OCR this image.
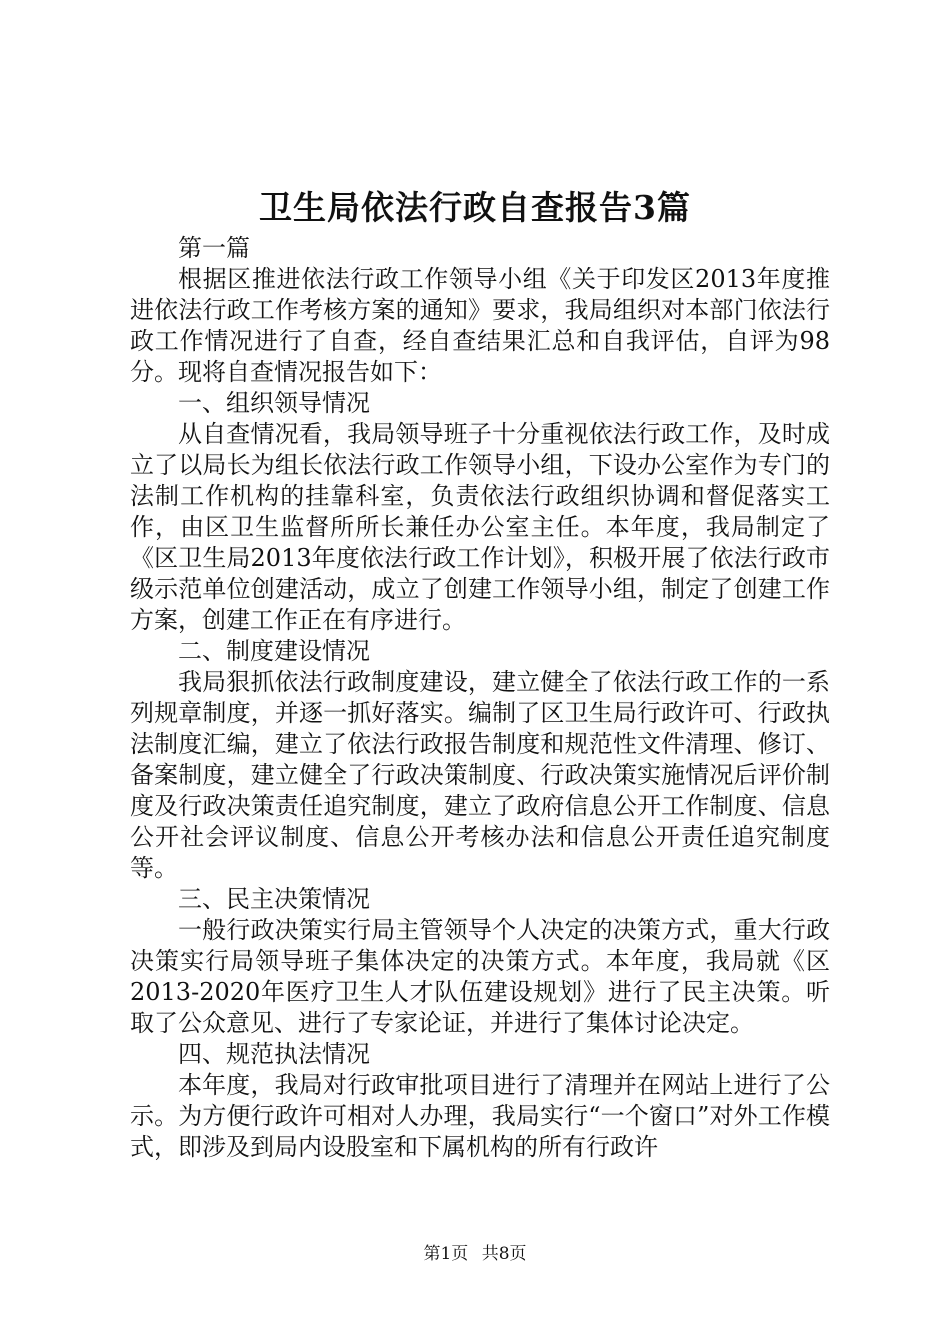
卫生局依法行政自查报告3篇

第一篇

根据区推进依法行政工作领导小组《关于印发区2013年度推进依法行政工作考核方案的通知》要求，我局组织对本部门依法行政工作情况进行了自查，经自查结果汇总和自我评估，自评为98分。现将自查情况报告如下：

一、组织领导情况

从自查情况看，我局领导班子十分重视依法行政工作，及时成立了以局长为组长依法行政工作领导小组，下设办公室作为专门的法制工作机构的挂靠科室，负责依法行政组织协调和督促落实工作，由区卫生监督所所长兼任办公室主任。本年度，我局制定了《区卫生局2013年度依法行政工作计划》，积极开展了依法行政市级示范单位创建活动，成立了创建工作领导小组，制定了创建工作方案，创建工作正在有序进行。

二、制度建设情况

我局狠抓依法行政制度建设，建立健全了依法行政工作的一系列规章制度，并逐一抓好落实。编制了区卫生局行政许可、行政执法制度汇编，建立了依法行政报告制度和规范性文件清理、修订、备案制度，建立健全了行政决策制度、行政决策实施情况后评价制度及行政决策责任追究制度，建立了政府信息公开工作制度、信息公开社会评议制度、信息公开考核办法和信息公开责任追究制度等。

三、民主决策情况

一般行政决策实行局主管领导个人决定的决策方式，重大行政决策实行局领导班子集体决定的决策方式。本年度，我局就《区2013-2020年医疗卫生人才队伍建设规划》进行了民主决策。听取了公众意见、进行了专家论证，并进行了集体讨论决定。

四、规范执法情况

本年度，我局对行政审批项目进行了清理并在网站上进行了公示。为方便行政许可相对人办理，我局实行“一个窗口”对外工作模式，即涉及到局内设股室和下属机构的所有行政许

第1页 共8页
